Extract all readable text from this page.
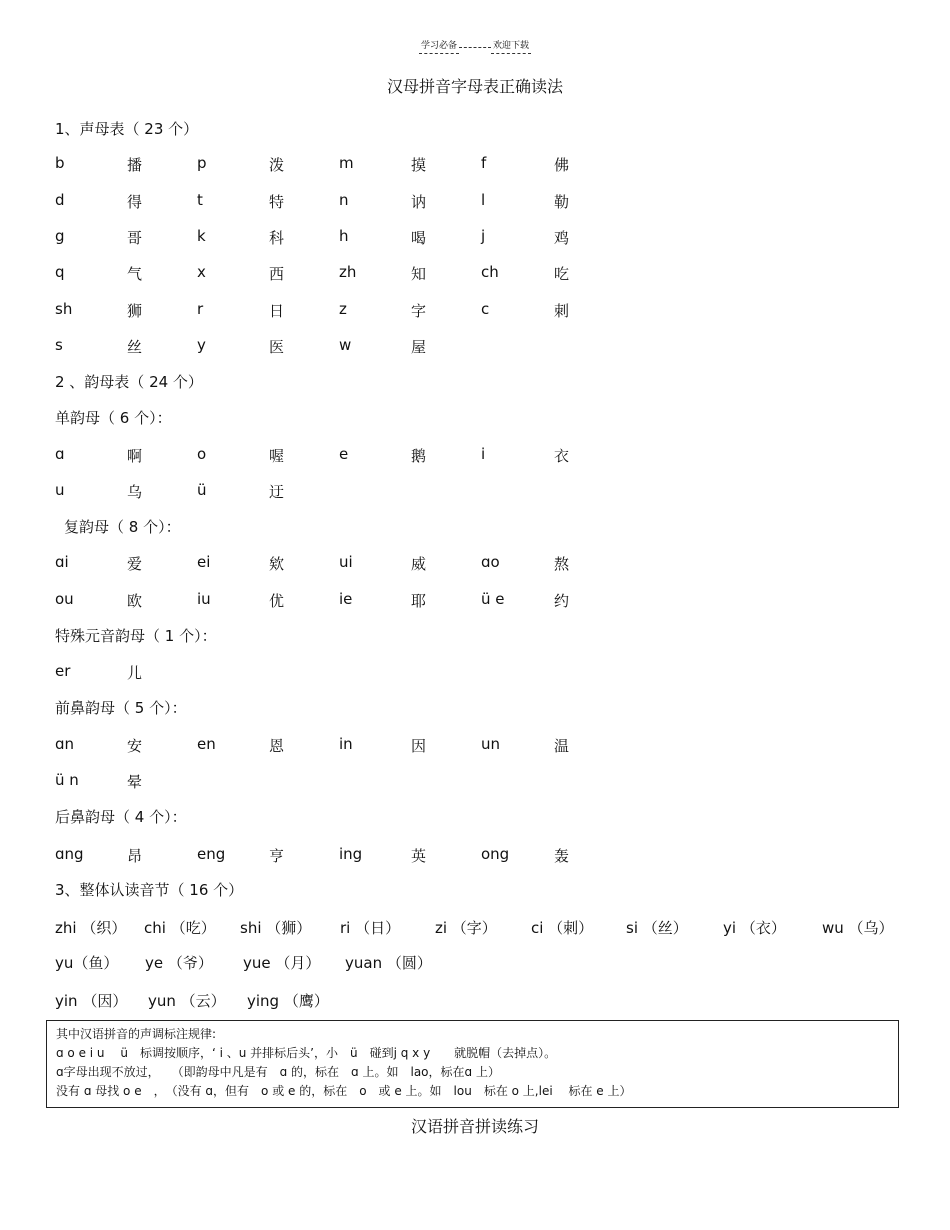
学习必备	欢迎下载
汉母拼音字母表正确读法
1、声母表（ 23 个）
b	播	p	泼	m	摸	f	佛
d	得	t	特	n	讷	l	勒
g	哥	k	科	h	喝	j	鸡
q	气	x	西	zh	知	ch	吃
sh	狮	r	日	z	字	c	刺
s	丝	y	医	w	屋
2 、韵母表（ 24 个）
单韵母（ 6 个）：
ɑ	啊	o	喔	e	鹅	i	衣
u	乌	ü	迂
复韵母（ 8 个）：
ɑi	爱	ei	欸	ui	威	ɑo	熬
ou	欧	iu	优	ie	耶	ü e	约
特殊元音韵母（ 1 个）：
er	儿
前鼻韵母（ 5 个）：
ɑn	安	en	恩	in	因	un	温
ü n	晕
后鼻韵母（ 4 个）：
ɑng	昂	eng	亨	ing	英	ong	轰
3、整体认读音节（ 16 个）
zhi （织） chi （吃） shi （狮） ri （日） zi （字） ci （刺） si （丝） yi （衣） wu （乌）
yu（鱼） ye （爷） yue （月） yuan （圆）
yin （因） yun （云） ying （鹰）
其中汉语拼音的声调标注规律:
ɑ o e i u　 ü　标调按顺序，‘ i 、u 并排标后头’，小　ü　碰到j q x y　　就脱帽（去掉点）。
ɑ字母出现不放过，　　（即韵母中凡是有　ɑ 的，标在　ɑ 上。如　lao，标在ɑ 上）
没有 ɑ 母找 o e　，　（没有 ɑ，但有　o 或 e 的，标在　o　或 e 上。如　lou　标在 o 上,lei　 标在 e 上）
汉语拼音拼读练习
